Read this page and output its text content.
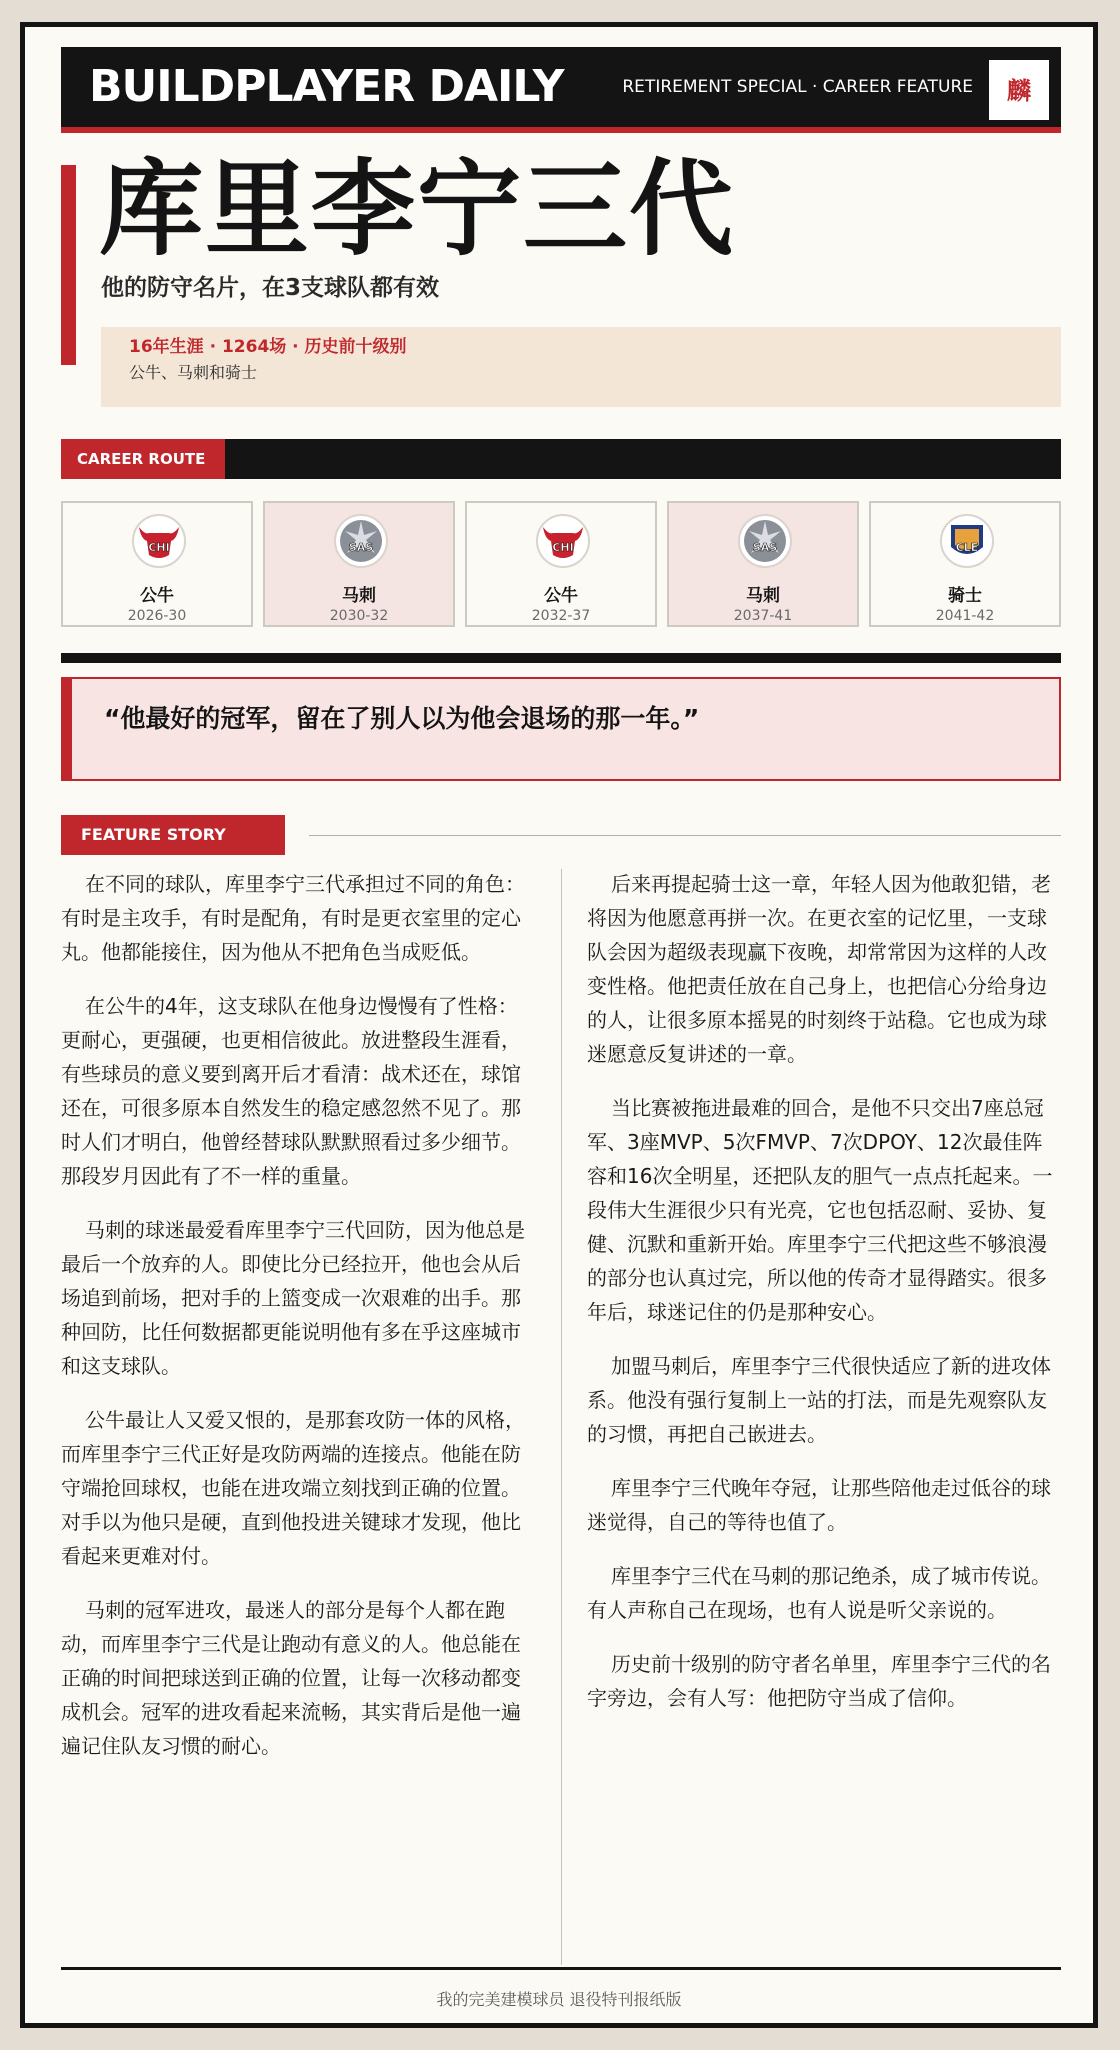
BUILDPLAYER DAILY	RETIREMENT SPECIAL · CAREER FEATURE 麟
库里李宁三代
他的防守名片，在3支球队都有效
16年生涯 · 1264场 · 历史前十级别
公牛、马刺和骑士
CAREER ROUTE
CHI
公牛
2026-30
SAS
马刺
2030-32
CHI
公牛
2032-37
SAS
马刺
2037-41
CLE
骑士
2041-42
“他最好的冠军，留在了别人以为他会退场的那一年。”
FEATURE STORY

在不同的球队，库里李宁三代承担过不同的角色：有时是主攻手，有时是配角，有时是更衣室里的定心丸。他都能接住，因为他从不把角色当成贬低。

在公牛的4年，这支球队在他身边慢慢有了性格：更耐心，更强硬，也更相信彼此。放进整段生涯看，有些球员的意义要到离开后才看清：战术还在，球馆还在，可很多原本自然发生的稳定感忽然不见了。那时人们才明白，他曾经替球队默默照看过多少细节。那段岁月因此有了不一样的重量。

马刺的球迷最爱看库里李宁三代回防，因为他总是最后一个放弃的人。即使比分已经拉开，他也会从后场追到前场，把对手的上篮变成一次艰难的出手。那种回防，比任何数据都更能说明他有多在乎这座城市和这支球队。

公牛最让人又爱又恨的，是那套攻防一体的风格，而库里李宁三代正好是攻防两端的连接点。他能在防守端抢回球权，也能在进攻端立刻找到正确的位置。对手以为他只是硬，直到他投进关键球才发现，他比看起来更难对付。

马刺的冠军进攻，最迷人的部分是每个人都在跑动，而库里李宁三代是让跑动有意义的人。他总能在正确的时间把球送到正确的位置，让每一次移动都变成机会。冠军的进攻看起来流畅，其实背后是他一遍遍记住队友习惯的耐心。

后来再提起骑士这一章，年轻人因为他敢犯错，老将因为他愿意再拼一次。在更衣室的记忆里，一支球队会因为超级表现赢下夜晚，却常常因为这样的人改变性格。他把责任放在自己身上，也把信心分给身边的人，让很多原本摇晃的时刻终于站稳。它也成为球迷愿意反复讲述的一章。

当比赛被拖进最难的回合，是他不只交出7座总冠军、3座MVP、5次FMVP、7次DPOY、12次最佳阵容和16次全明星，还把队友的胆气一点点托起来。一段伟大生涯很少只有光亮，它也包括忍耐、妥协、复健、沉默和重新开始。库里李宁三代把这些不够浪漫的部分也认真过完，所以他的传奇才显得踏实。很多年后，球迷记住的仍是那种安心。

加盟马刺后，库里李宁三代很快适应了新的进攻体系。他没有强行复制上一站的打法，而是先观察队友的习惯，再把自己嵌进去。

库里李宁三代晚年夺冠，让那些陪他走过低谷的球迷觉得，自己的等待也值了。

库里李宁三代在马刺的那记绝杀，成了城市传说。有人声称自己在现场，也有人说是听父亲说的。

历史前十级别的防守者名单里，库里李宁三代的名字旁边，会有人写：他把防守当成了信仰。

我的完美建模球员 退役特刊报纸版
